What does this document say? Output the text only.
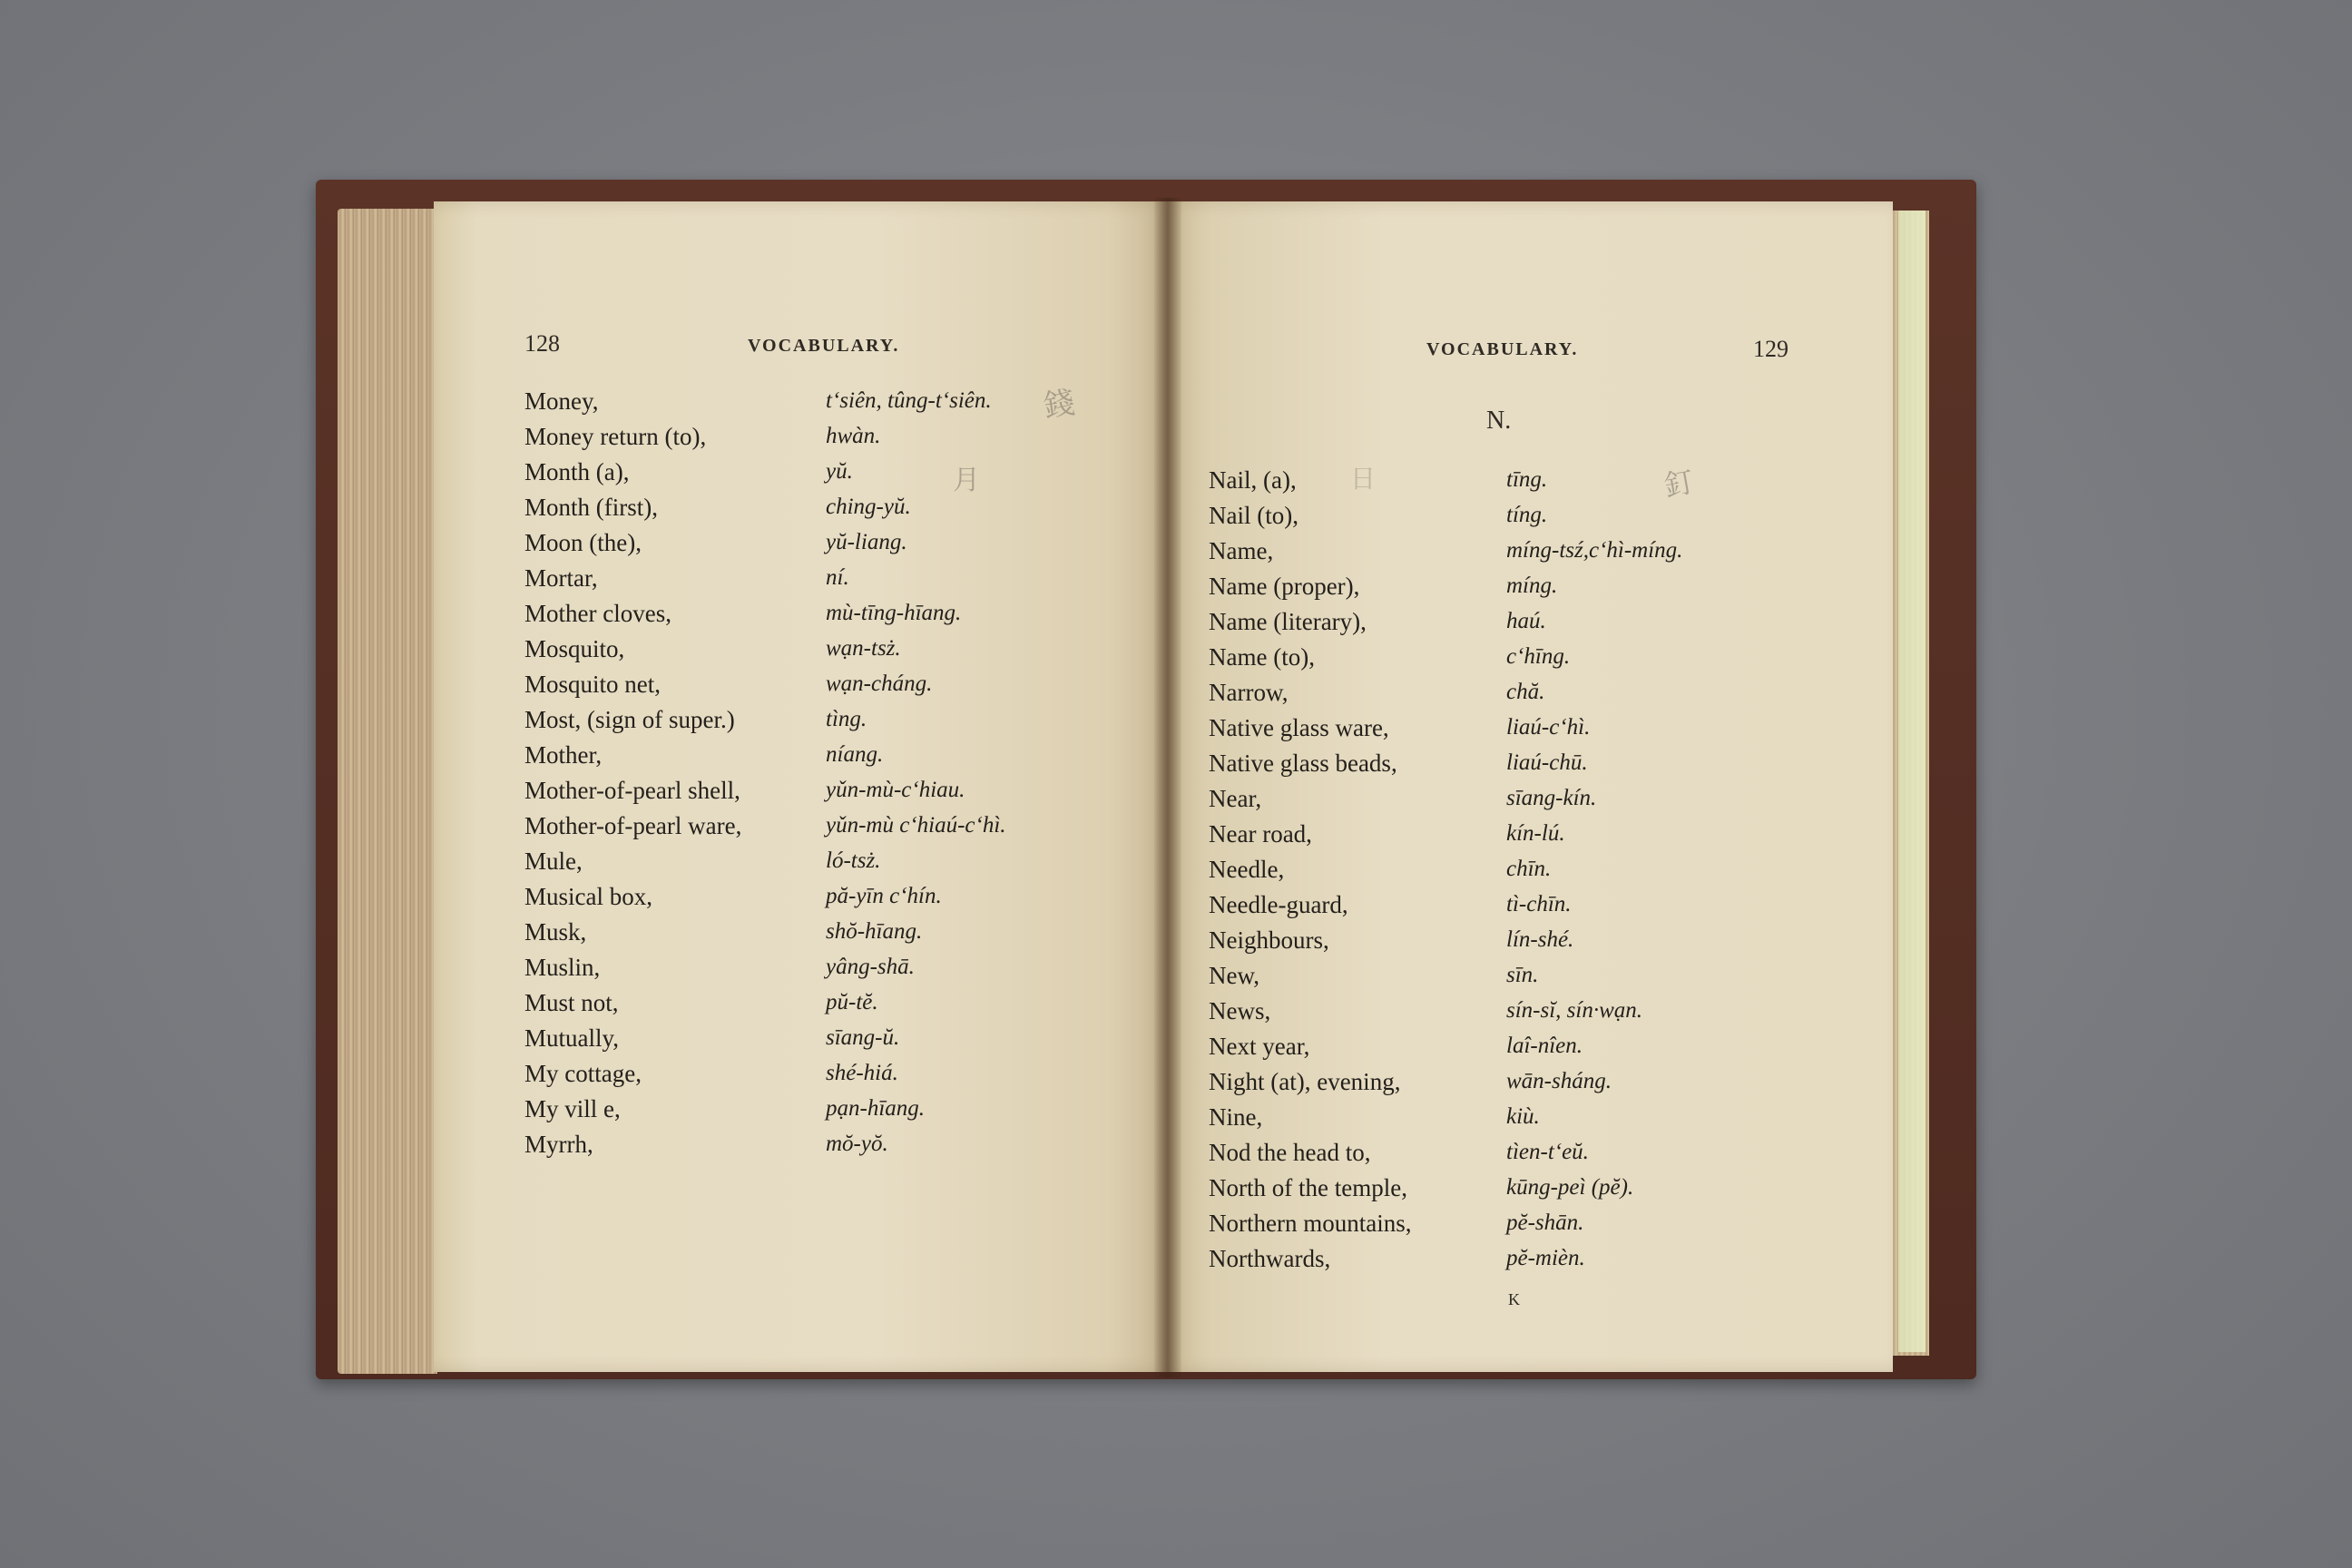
128	VOCABULARY.
Money,	t‘siên, tûng-t‘siên.
Money return (to),	hwàn.
Month (a),	yŭ.
Month (first),	ching-yŭ.
Moon (the),	yŭ-liang.
Mortar,	ní.
Mother cloves,	mù-tīng-hīang.
Mosquito,	wạn-tsż.
Mosquito net,	wạn-cháng.
Most, (sign of super.)	tìng.
Mother,	níang.
Mother-of-pearl shell,	yǔn-mù-c‘hiau.
Mother-of-pearl ware,	yǔn-mù c‘hiaú-c‘hì.
Mule,	ló-tsż.
Musical box,	pă-yīn c‘hín.
Musk,	shŏ-hīang.
Muslin,	yâng-shā.
Must not,	pŭ-tĕ.
Mutually,	sīang-ŭ.
My cottage,	shé-hiá.
My vill e,	pạn-hīang.
Myrrh,	mŏ-yŏ.
錢
月
VOCABULARY.	129
N.
Nail, (a),	tīng.
Nail (to),	tíng.
Name,	míng-tsź,c‘hì-míng.
Name (proper),	míng.
Name (literary),	haú.
Name (to),	c‘hīng.
Narrow,	chă.
Native glass ware,	liaú-c‘hì.
Native glass beads,	liaú-chū.
Near,	sīang-kín.
Near road,	kín-lú.
Needle,	chīn.
Needle-guard,	tì-chīn.
Neighbours,	lín-shé.
New,	sīn.
News,	sín-sĭ, sín·wạn.
Next year,	laî-nîen.
Night (at), evening,	wān-sháng.
Nine,	kiù.
Nod the head to,	tìen-t‘eŭ.
North of the temple,	kūng-peì (pĕ).
Northern mountains,	pĕ-shān.
Northwards,	pĕ-mièn.
K
釘
日
